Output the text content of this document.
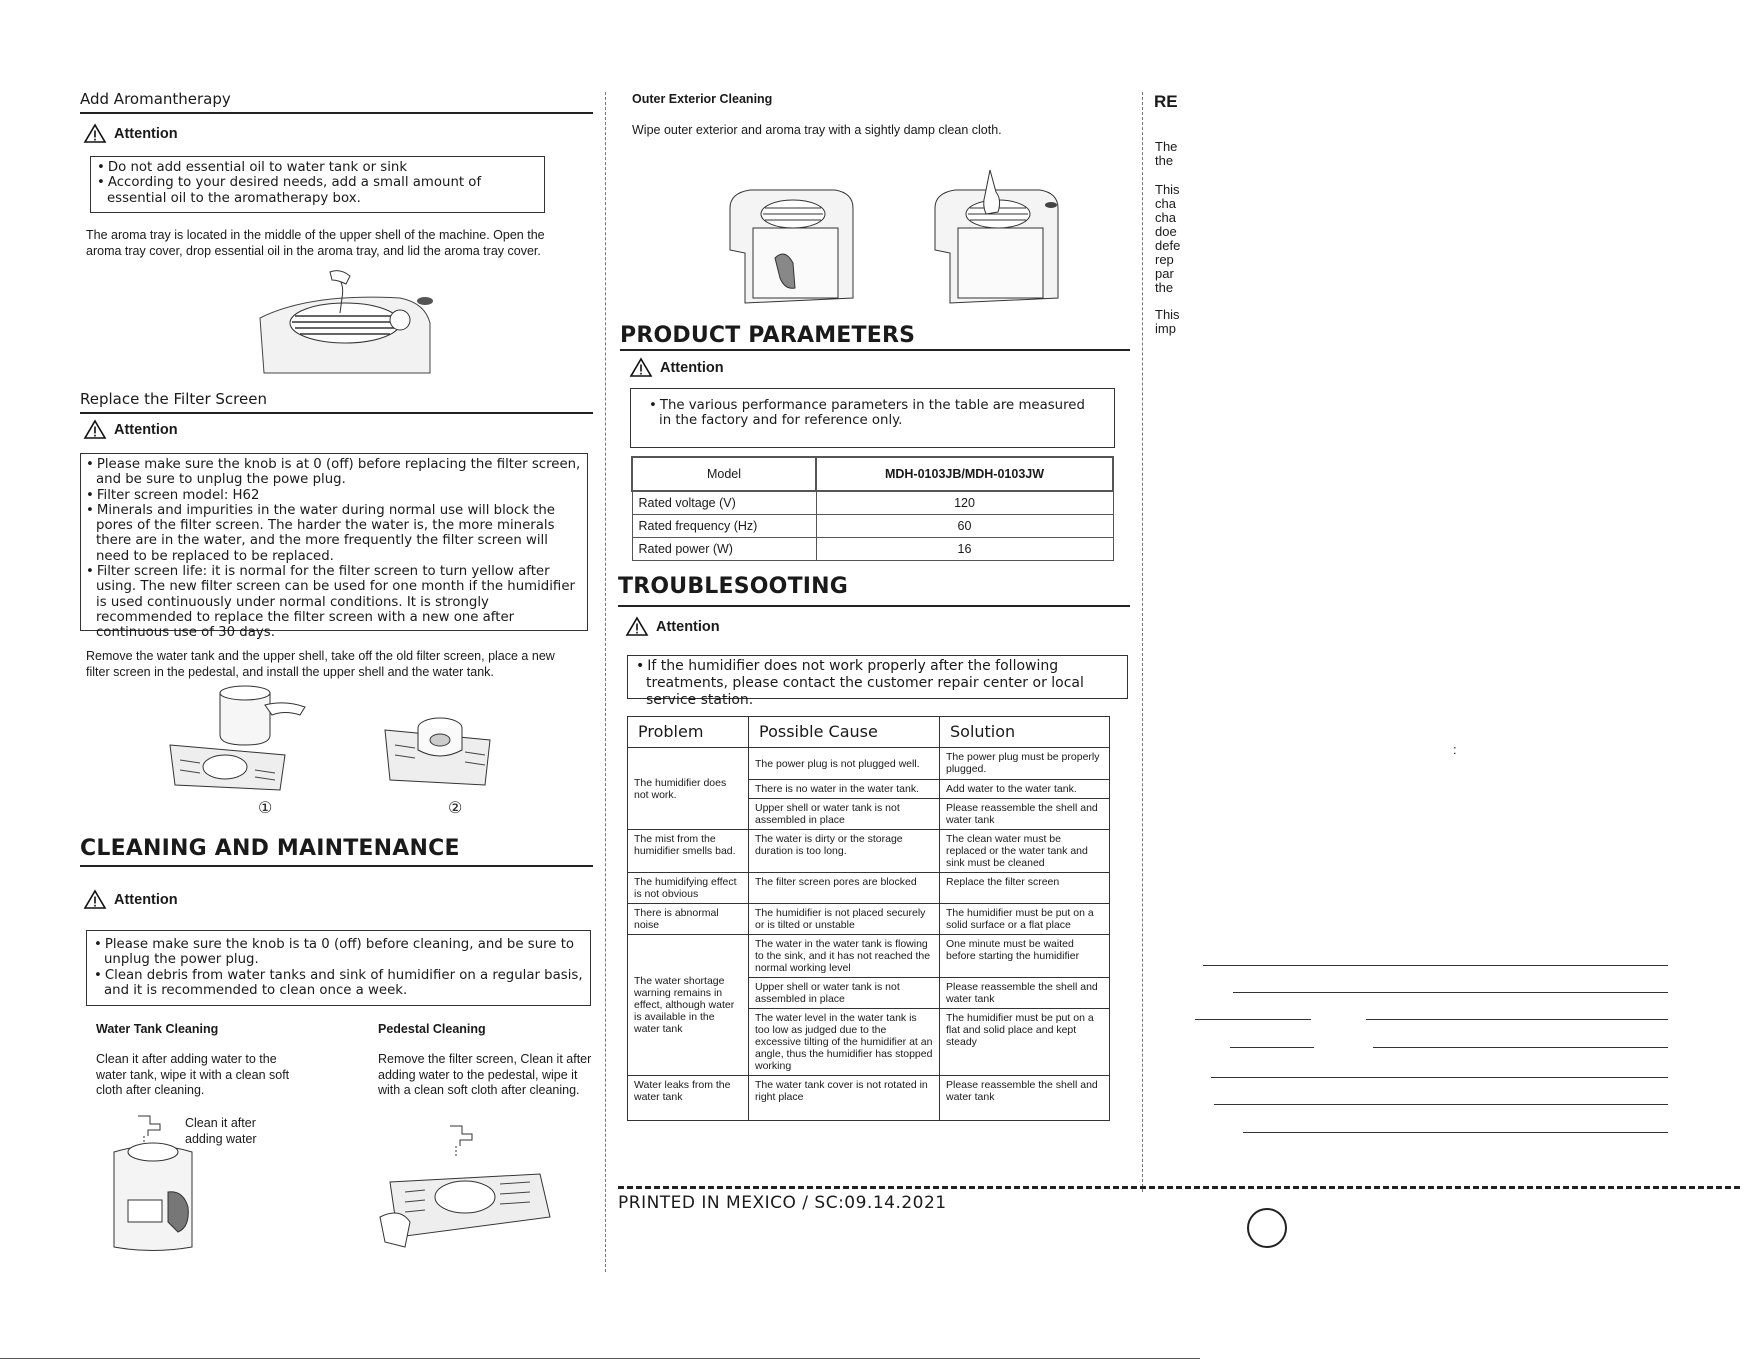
Add Aromantherapy
Attention
• Do not add essential oil to water tank or sink
• According to your desired needs, add a small amount of essential oil to the aromatherapy box.
The aroma tray is located in the middle of the upper shell of the machine. Open the aroma tray cover, drop essential oil in the aroma tray, and lid the aroma tray cover.
Replace the Filter Screen
Attention
• Please make sure the knob is at 0 (off) before replacing the filter screen, and be sure to unplug the powe plug.
• Filter screen model: H62
• Minerals and impurities in the water during normal use will block the pores of the filter screen. The harder the water is, the more minerals there are in the water, and the more frequently the filter screen will need to be replaced to be replaced.
• Filter screen life: it is normal for the filter screen to turn yellow after using. The new filter screen can be used for one month if the humidifier is used continuously under normal conditions. It is strongly recommended to replace the filter screen with a new one after continuous use of 30 days.
Remove the water tank and the upper shell, take off the old filter screen, place a new filter screen in the pedestal, and install the upper shell and the water tank.
①	②
CLEANING AND MAINTENANCE
Attention
• Please make sure the knob is ta 0 (off) before cleaning, and be sure to unplug the power plug.
• Clean debris from water tanks and sink of humidifier on a regular basis, and it is recommended to clean once a week.
Water Tank Cleaning
Clean it after adding water to the water tank, wipe it with a clean soft cloth after cleaning.
Pedestal Cleaning
Remove the filter screen, Clean it after adding water to the pedestal, wipe it with a clean soft cloth after cleaning.
Clean it after adding water
Outer Exterior Cleaning
Wipe outer exterior and aroma tray with a sightly damp clean cloth.
PRODUCT PARAMETERS
Attention
• The various performance parameters in the table are measured in the factory and for reference only.
Model	MDH-0103JB/MDH-0103JW
Rated voltage (V)	120
Rated frequency (Hz)	60
Rated power (W)	16
TROUBLESOOTING
Attention
• If the humidifier does not work properly after the following treatments, please contact the customer repair center or local service station.
Problem	Possible Cause	Solution
The humidifier does not work.	The power plug is not plugged well.	The power plug must be properly plugged.
	There is no water in the water tank.	Add water to the water tank.
	Upper shell or water tank is not assembled in place	Please reassemble the shell and water tank
The mist from the humidifier smells bad.	The water is dirty or the storage duration is too long.	The clean water must be replaced or the water tank and sink must be cleaned
The humidifying effect is not obvious	The filter screen pores are blocked	Replace the filter screen
There is abnormal noise	The humidifier is not placed securely or is tilted or unstable	The humidifier must be put on a solid surface or a flat place
The water shortage warning remains in effect, although water is available in the water tank	The water in the water tank is flowing to the sink, and it has not reached the normal working level	One minute must be waited before starting the humidifier
	Upper shell or water tank is not assembled in place	Please reassemble the shell and water tank
	The water level in the water tank is too low as judged due to the excessive tilting of the humidifier at an angle, thus the humidifier has stopped working	The humidifier must be put on a flat and solid place and kept steady
Water leaks from the water tank	The water tank cover is not rotated in right place	Please reassemble the shell and water tank
PRINTED IN MEXICO / SC:09.14.2021
RE
The
the
This
cha
cha
doe
defe
rep
par
the
This
imp
:
